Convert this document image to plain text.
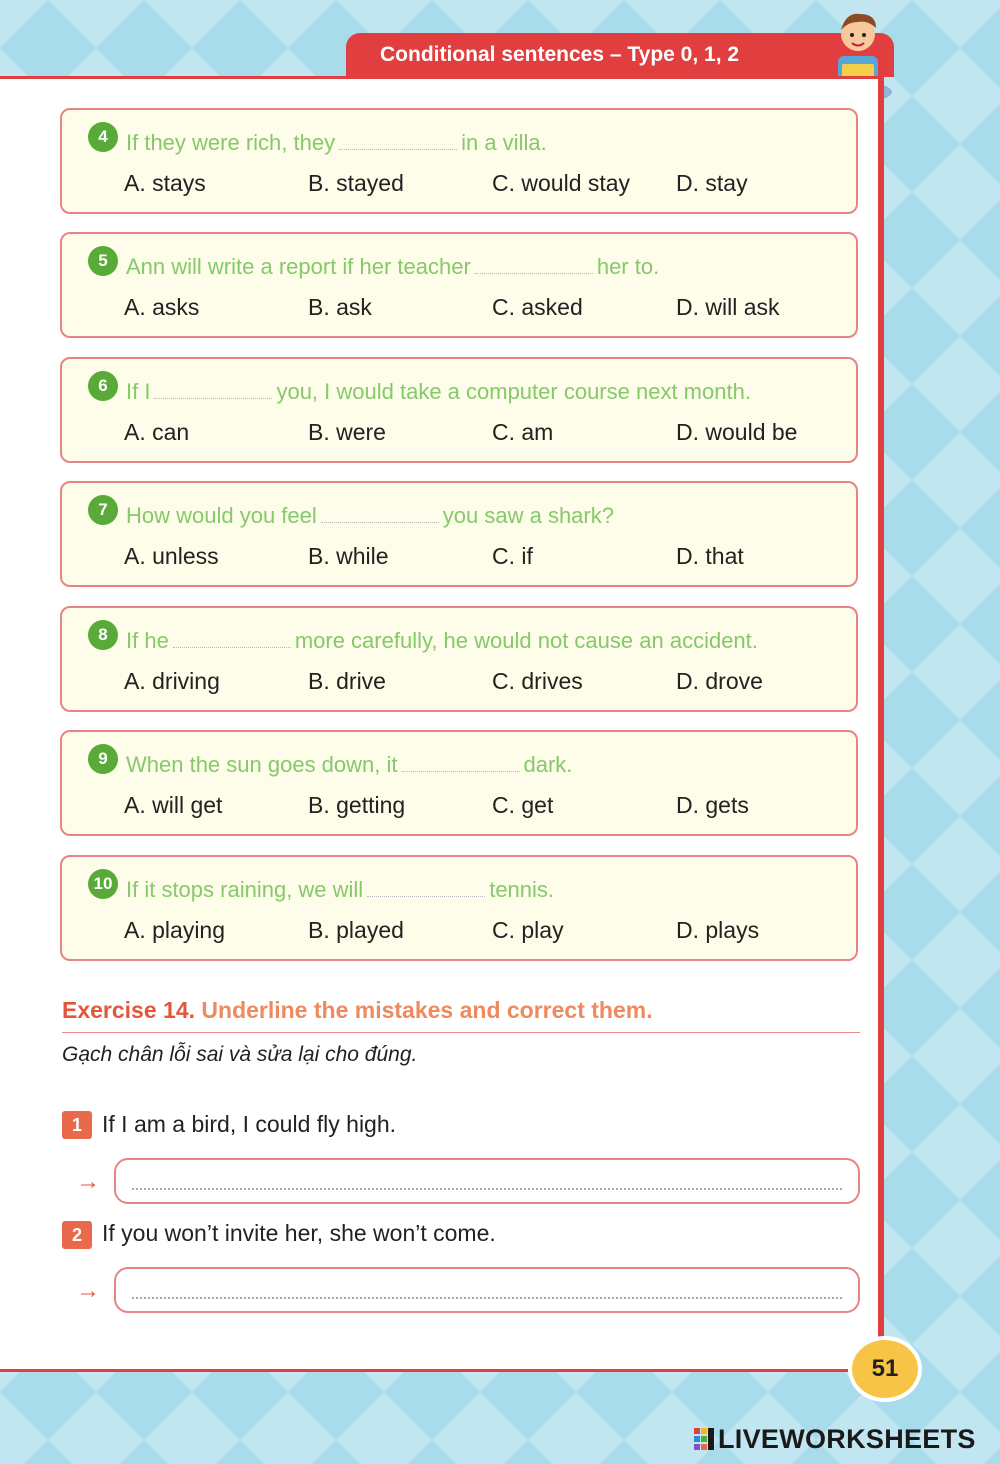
Conditional sentences – Type 0, 1, 2
4 If they were rich, they	in a villa.
A. stays	B. stayed	C. would stay D. stay
5 Ann will write a report if her teacher	her to.
A. asks	B. ask	C. asked	D. will ask
6 If I	you, I would take a computer course next month.
A. can	B. were	C. am	D. would be
7 How would you feel	you saw a shark?
A. unless	B. while	C. if	D. that
8 If he	more carefully, he would not cause an accident.
A. driving	B. drive	C. drives	D. drove
9 When the sun goes down, it	dark.
A. will get	B. getting	C. get	D. gets
10 If it stops raining, we will	tennis.
A. playing	B. played	C. play	D. plays
Exercise 14. Underline the mistakes and correct them.
Gạch chân lỗi sai và sửa lại cho đúng.
1 If I am a bird, I could fly high.
→
2 If you won’t invite her, she won’t come.
→
51
LIVEWORKSHEETS
